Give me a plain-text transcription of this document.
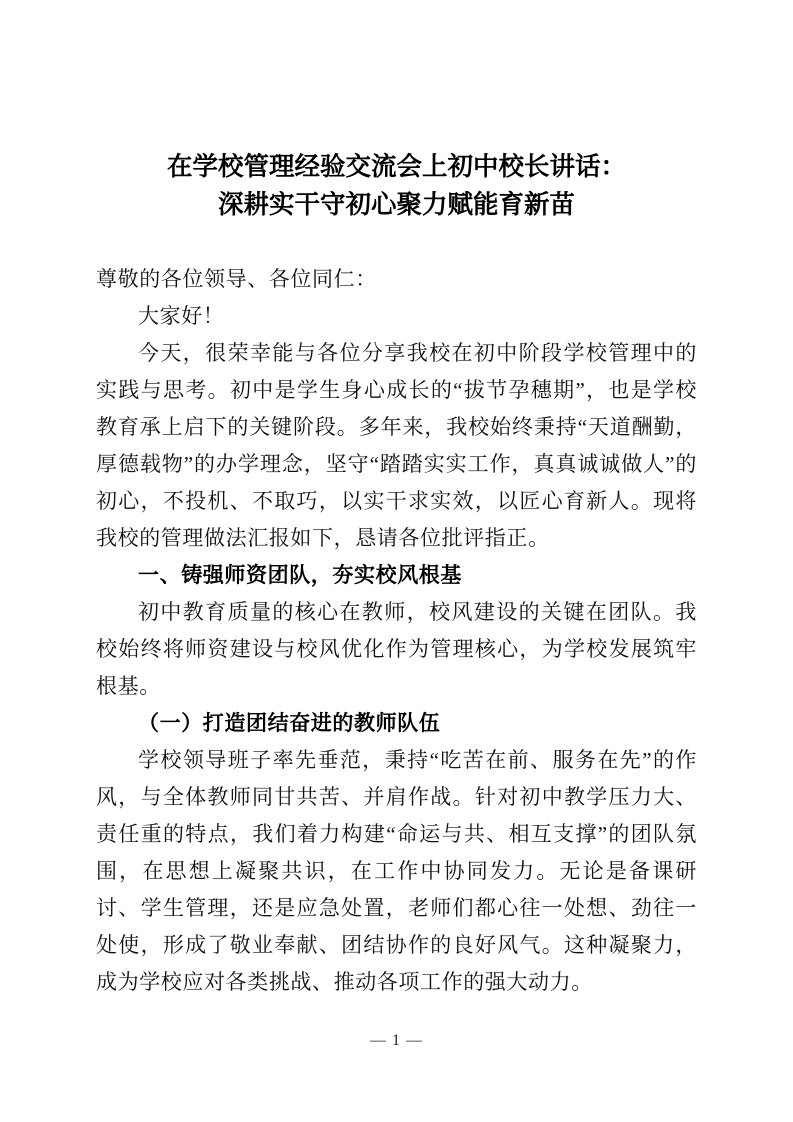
在学校管理经验交流会上初中校长讲话：
深耕实干守初心聚力赋能育新苗

尊敬的各位领导、各位同仁：

大家好！

今天，很荣幸能与各位分享我校在初中阶段学校管理中的实践与思考。初中是学生身心成长的“拔节孕穗期”，也是学校教育承上启下的关键阶段。多年来，我校始终秉持“天道酬勤，厚德载物”的办学理念，坚守“踏踏实实工作，真真诚诚做人”的初心，不投机、不取巧，以实干求实效，以匠心育新人。现将我校的管理做法汇报如下，恳请各位批评指正。

一、铸强师资团队，夯实校风根基

初中教育质量的核心在教师，校风建设的关键在团队。我校始终将师资建设与校风优化作为管理核心，为学校发展筑牢根基。

（一）打造团结奋进的教师队伍

学校领导班子率先垂范，秉持“吃苦在前、服务在先”的作风，与全体教师同甘共苦、并肩作战。针对初中教学压力大、责任重的特点，我们着力构建“命运与共、相互支撑”的团队氛围，在思想上凝聚共识，在工作中协同发力。无论是备课研讨、学生管理，还是应急处置，老师们都心往一处想、劲往一处使，形成了敬业奉献、团结协作的良好风气。这种凝聚力，成为学校应对各类挑战、推动各项工作的强大动力。

— 1 —
